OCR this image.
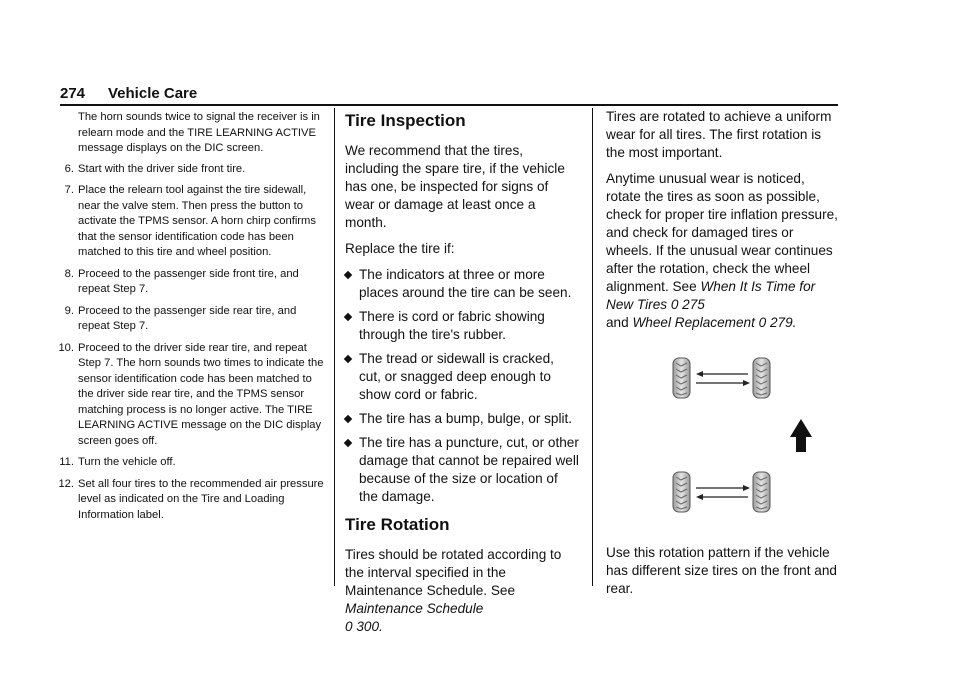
274 Vehicle Care
The horn sounds twice to signal the receiver is in relearn mode and the TIRE LEARNING ACTIVE message displays on the DIC screen.
6. Start with the driver side front tire.
7. Place the relearn tool against the tire sidewall, near the valve stem. Then press the button to activate the TPMS sensor. A horn chirp confirms that the sensor identification code has been matched to this tire and wheel position.
8. Proceed to the passenger side front tire, and repeat Step 7.
9. Proceed to the passenger side rear tire, and repeat Step 7.
10. Proceed to the driver side rear tire, and repeat Step 7. The horn sounds two times to indicate the sensor identification code has been matched to the driver side rear tire, and the TPMS sensor matching process is no longer active. The TIRE LEARNING ACTIVE message on the DIC display screen goes off.
11. Turn the vehicle off.
12. Set all four tires to the recommended air pressure level as indicated on the Tire and Loading Information label.
Tire Inspection

We recommend that the tires, including the spare tire, if the vehicle has one, be inspected for signs of wear or damage at least once a month.

Replace the tire if:

The indicators at three or more places around the tire can be seen.
There is cord or fabric showing through the tire's rubber.
The tread or sidewall is cracked, cut, or snagged deep enough to show cord or fabric.
The tire has a bump, bulge, or split.
The tire has a puncture, cut, or other damage that cannot be repaired well because of the size or location of the damage.
Tire Rotation

Tires should be rotated according to the interval specified in the Maintenance Schedule. See Maintenance Schedule
0 300.

Tires are rotated to achieve a uniform wear for all tires. The first rotation is the most important.

Anytime unusual wear is noticed, rotate the tires as soon as possible, check for proper tire inflation pressure, and check for damaged tires or wheels. If the unusual wear continues after the rotation, check the wheel alignment. See When It Is Time for New Tires 0 275
and Wheel Replacement 0 279.

Use this rotation pattern if the vehicle has different size tires on the front and rear.
